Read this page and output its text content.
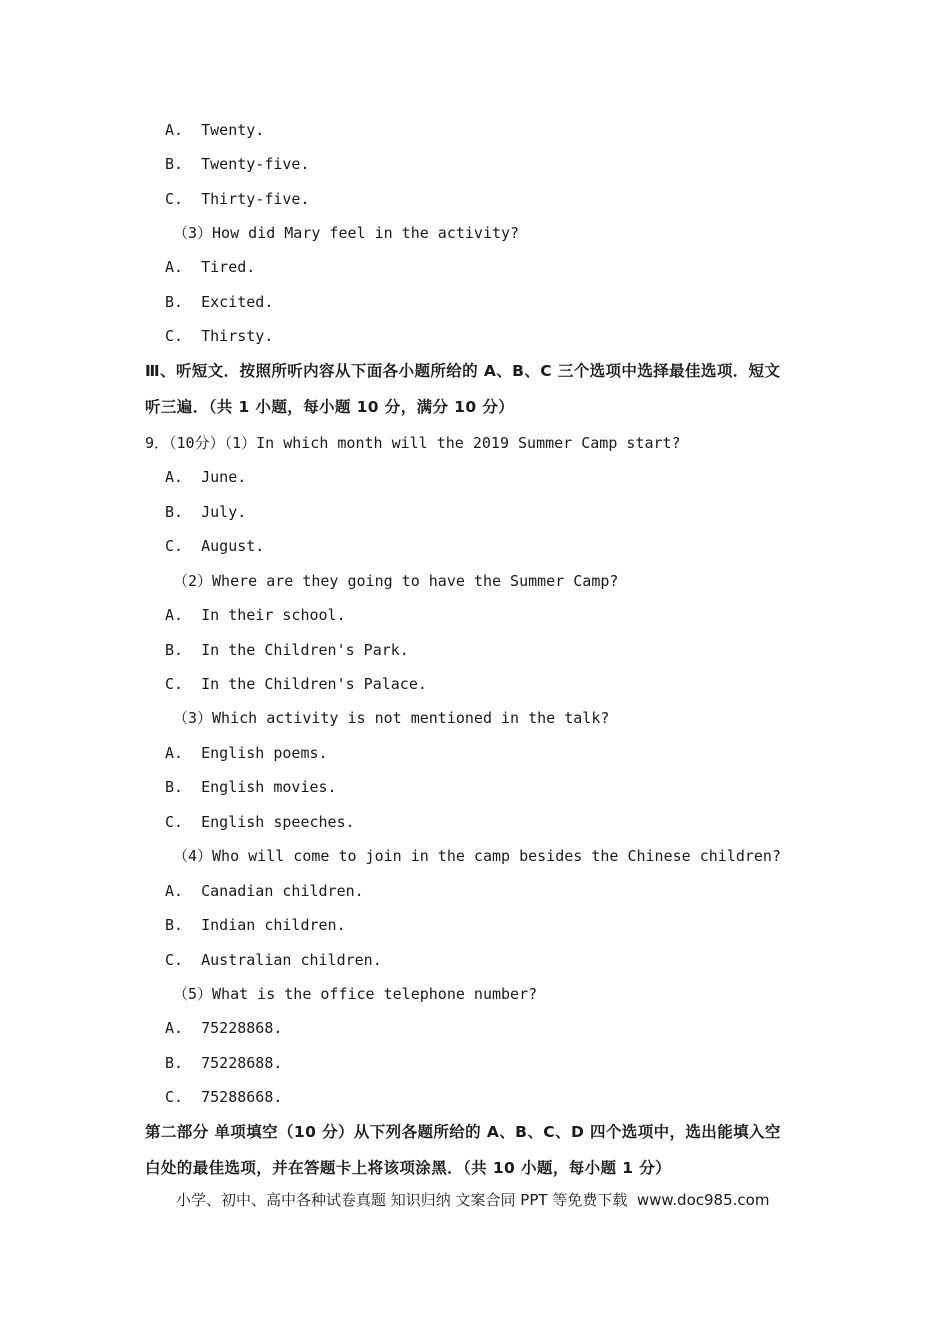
A.  Twenty.
B.  Twenty‐five.
C.  Thirty‐five.
（3）How did Mary feel in the activity?
A.  Tired.
B.  Excited.
C.  Thirsty.
Ⅲ、听短文．按照所听内容从下面各小题所给的 A、B、C 三个选项中选择最佳选项．短文
听三遍．（共 1 小题，每小题 10 分，满分 10 分）
9．（10分）（1）In which month will the 2019 Summer Camp start?
A.  June.
B.  July.
C.  August.
（2）Where are they going to have the Summer Camp?
A.  In their school.
B.  In the Children's Park.
C.  In the Children's Palace.
（3）Which activity is not mentioned in the talk?
A.  English poems.
B.  English movies.
C.  English speeches.
（4）Who will come to join in the camp besides the Chinese children?
A.  Canadian children.
B.  Indian children.
C.  Australian children.
（5）What is the office telephone number?
A.  75228868.
B.  75228688.
C.  75288668.
第二部分 单项填空（10 分）从下列各题所给的 A、B、C、D 四个选项中，选出能填入空
白处的最佳选项，并在答题卡上将该项涂黑．（共 10 小题，每小题 1 分）
小学、初中、高中各种试卷真题 知识归纳 文案合同 PPT 等免费下载  www.doc985.com
